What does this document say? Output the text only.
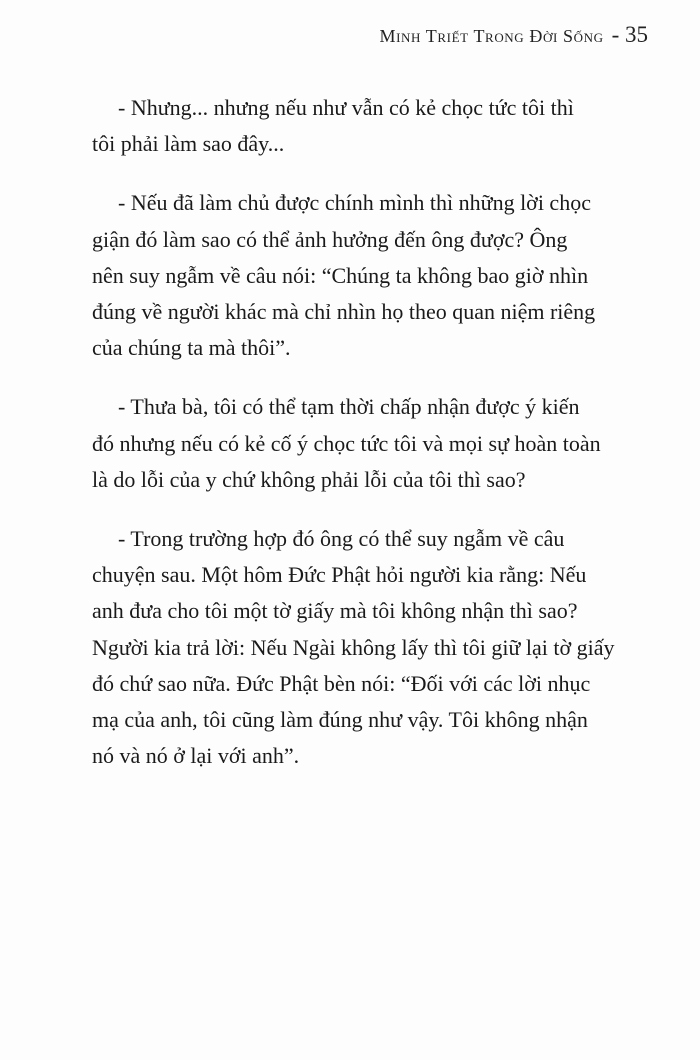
Minh Triết Trong Đời Sống - 35

- Nhưng... nhưng nếu như vẫn có kẻ chọc tức tôi thì
tôi phải làm sao đây...

- Nếu đã làm chủ được chính mình thì những lời chọc
giận đó làm sao có thể ảnh hưởng đến ông được? Ông
nên suy ngẫm về câu nói: “Chúng ta không bao giờ nhìn
đúng về người khác mà chỉ nhìn họ theo quan niệm riêng
của chúng ta mà thôi”.

- Thưa bà, tôi có thể tạm thời chấp nhận được ý kiến
đó nhưng nếu có kẻ cố ý chọc tức tôi và mọi sự hoàn toàn
là do lỗi của y chứ không phải lỗi của tôi thì sao?

- Trong trường hợp đó ông có thể suy ngẫm về câu
chuyện sau. Một hôm Đức Phật hỏi người kia rằng: Nếu
anh đưa cho tôi một tờ giấy mà tôi không nhận thì sao?
Người kia trả lời: Nếu Ngài không lấy thì tôi giữ lại tờ giấy
đó chứ sao nữa. Đức Phật bèn nói: “Đối với các lời nhục
mạ của anh, tôi cũng làm đúng như vậy. Tôi không nhận
nó và nó ở lại với anh”.
